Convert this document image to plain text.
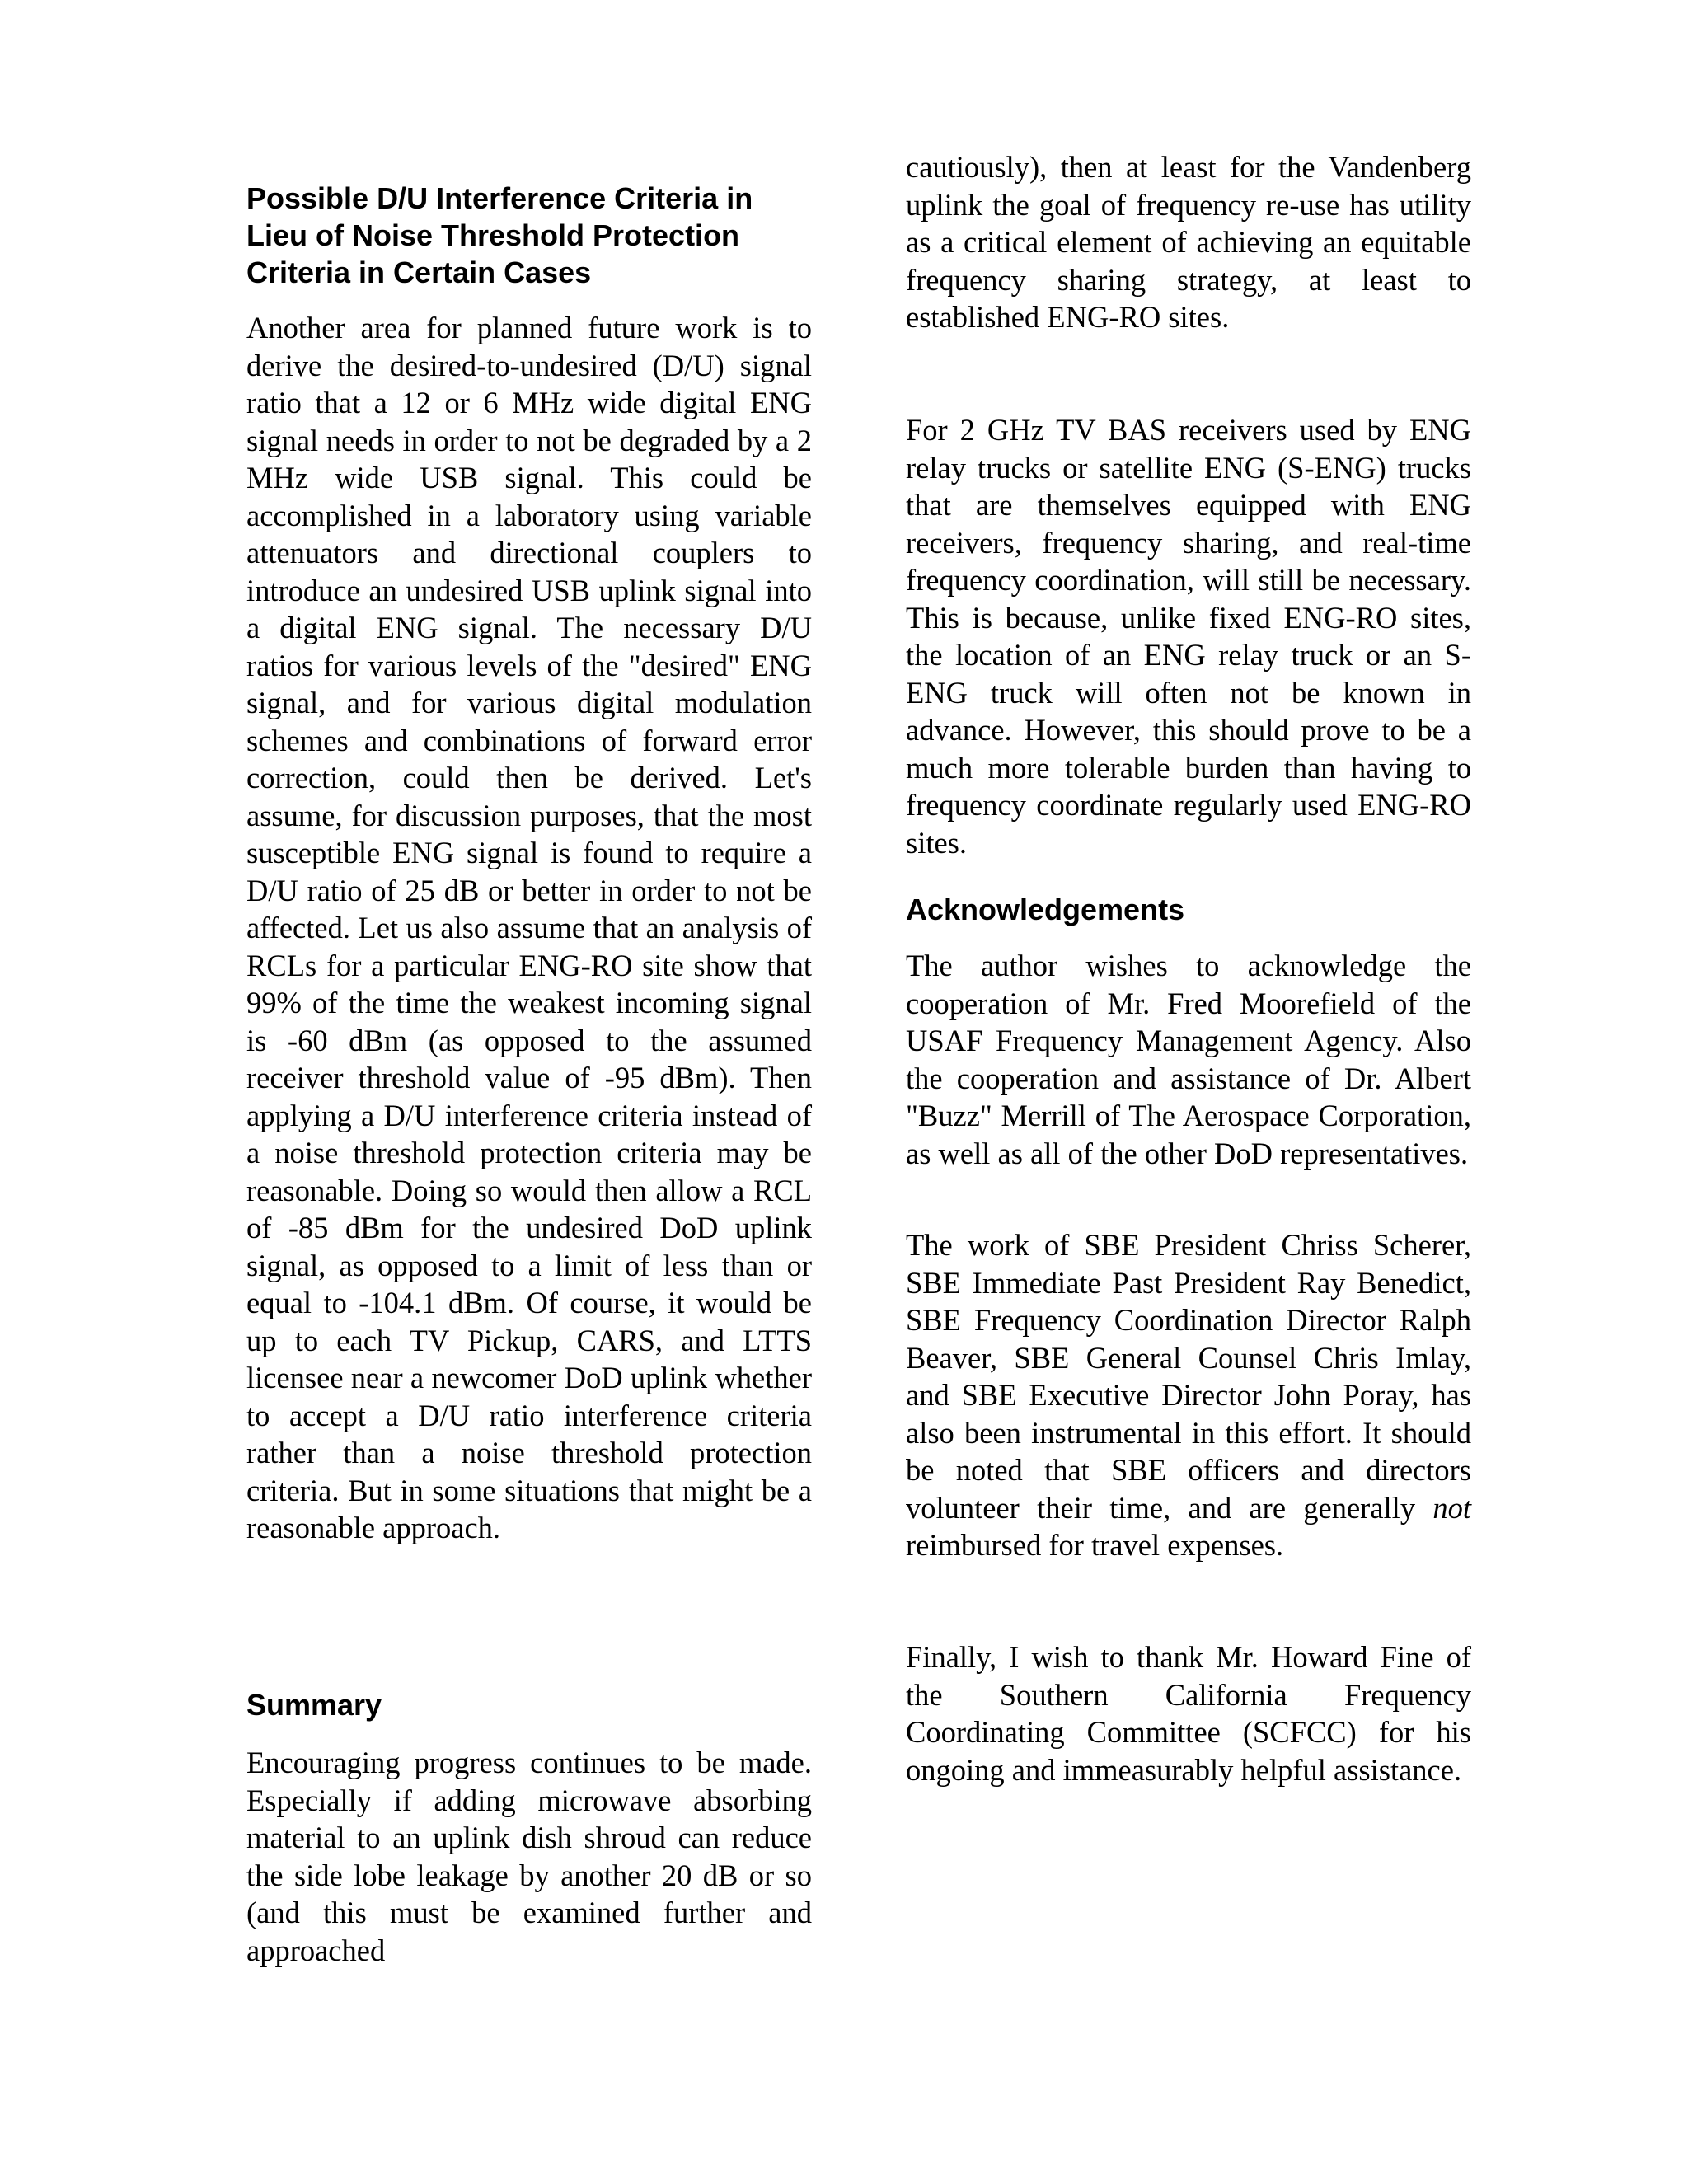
Possible D/U Interference Criteria in Lieu of Noise Threshold Protection Criteria in Certain Cases

Another area for planned future work is to derive the desired-to-undesired (D/U) signal ratio that a 12 or 6 MHz wide digital ENG signal needs in order to not be degraded by a 2 MHz wide USB signal. This could be accomplished in a laboratory using variable attenuators and directional couplers to introduce an undesired USB uplink signal into a digital ENG signal. The necessary D/U ratios for various levels of the "desired" ENG signal, and for various digital modulation schemes and combinations of forward error correction, could then be derived. Let's assume, for discussion purposes, that the most susceptible ENG signal is found to require a D/U ratio of 25 dB or better in order to not be affected. Let us also assume that an analysis of RCLs for a particular ENG-RO site show that 99% of the time the weakest incoming signal is -60 dBm (as opposed to the assumed receiver threshold value of -95 dBm). Then applying a D/U interference criteria instead of a noise threshold protection criteria may be reasonable. Doing so would then allow a RCL of -85 dBm for the undesired DoD uplink signal, as opposed to a limit of less than or equal to -104.1 dBm. Of course, it would be up to each TV Pickup, CARS, and LTTS licensee near a newcomer DoD uplink whether to accept a D/U ratio interference criteria rather than a noise threshold protection criteria. But in some situations that might be a reasonable approach.

Summary

Encouraging progress continues to be made. Especially if adding microwave absorbing material to an uplink dish shroud can reduce the side lobe leakage by another 20 dB or so (and this must be examined further and approached

cautiously), then at least for the Vandenberg uplink the goal of frequency re-use has utility as a critical element of achieving an equitable frequency sharing strategy, at least to established ENG-RO sites.

For 2 GHz TV BAS receivers used by ENG relay trucks or satellite ENG (S-ENG) trucks that are themselves equipped with ENG receivers, frequency sharing, and real-time frequency coordination, will still be necessary. This is because, unlike fixed ENG-RO sites, the location of an ENG relay truck or an S-ENG truck will often not be known in advance. However, this should prove to be a much more tolerable burden than having to frequency coordinate regularly used ENG-RO sites.

Acknowledgements

The author wishes to acknowledge the cooperation of Mr. Fred Moorefield of the USAF Frequency Management Agency. Also the cooperation and assistance of Dr. Albert "Buzz" Merrill of The Aerospace Corporation, as well as all of the other DoD representatives.

The work of SBE President Chriss Scherer, SBE Immediate Past President Ray Benedict, SBE Frequency Coordination Director Ralph Beaver, SBE General Counsel Chris Imlay, and SBE Executive Director John Poray, has also been instrumental in this effort. It should be noted that SBE officers and directors volunteer their time, and are generally not reimbursed for travel expenses.

Finally, I wish to thank Mr. Howard Fine of the Southern California Frequency Coordinating Committee (SCFCC) for his ongoing and immeasurably helpful assistance.
